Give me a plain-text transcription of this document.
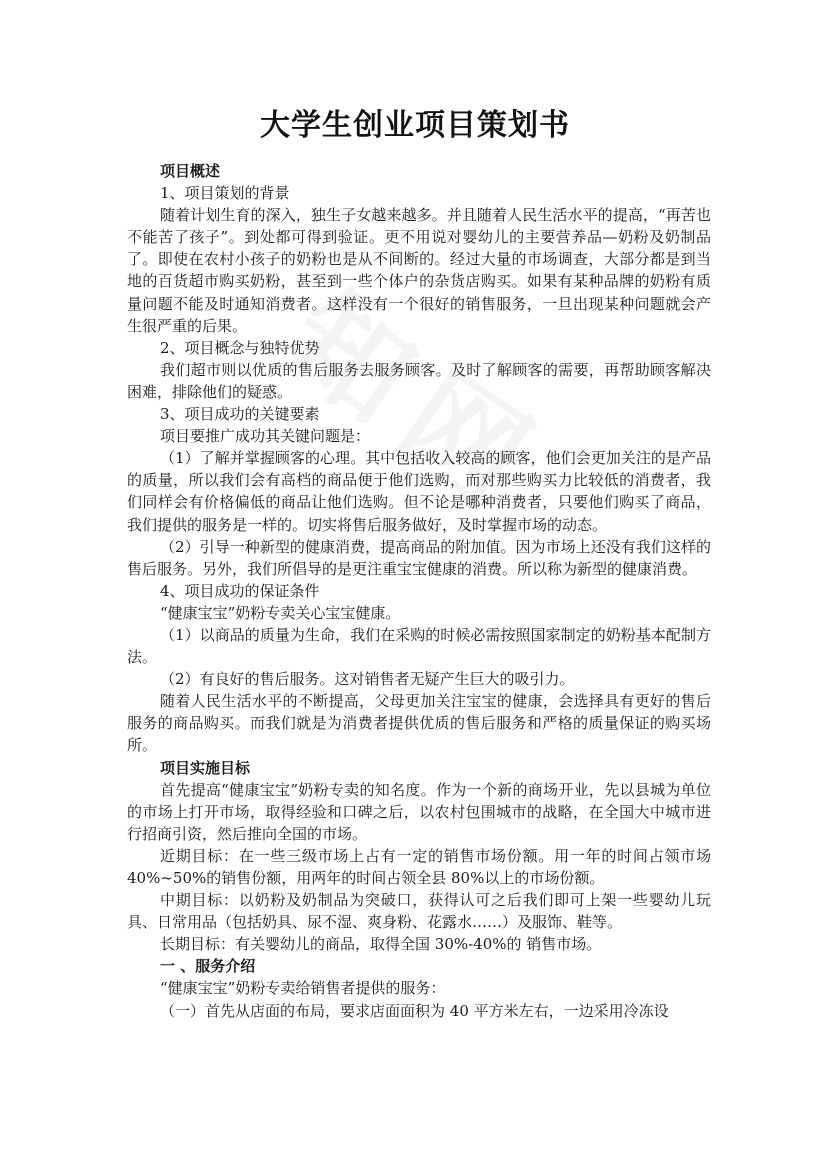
大学生创业项目策划书

项目概述

1、项目策划的背景

随着计划生育的深入，独生子女越来越多。并且随着人民生活水平的提高，“再苦也不能苦了孩子”。到处都可得到验证。更不用说对婴幼儿的主要营养品—奶粉及奶制品了。即使在农村小孩子的奶粉也是从不间断的。经过大量的市场调查，大部分都是到当地的百货超市购买奶粉，甚至到一些个体户的杂货店购买。如果有某种品牌的奶粉有质量问题不能及时通知消费者。这样没有一个很好的销售服务，一旦出现某种问题就会产生很严重的后果。

2、项目概念与独特优势

我们超市则以优质的售后服务去服务顾客。及时了解顾客的需要，再帮助顾客解决困难，排除他们的疑惑。

3、项目成功的关键要素

项目要推广成功其关键问题是：

（1）了解并掌握顾客的心理。其中包括收入较高的顾客，他们会更加关注的是产品的质量，所以我们会有高档的商品便于他们选购，而对那些购买力比较低的消费者，我们同样会有价格偏低的商品让他们选购。但不论是哪种消费者，只要他们购买了商品，我们提供的服务是一样的。切实将售后服务做好，及时掌握市场的动态。

（2）引导一种新型的健康消费，提高商品的附加值。因为市场上还没有我们这样的售后服务。另外，我们所倡导的是更注重宝宝健康的消费。所以称为新型的健康消费。

4、项目成功的保证条件

“健康宝宝”奶粉专卖关心宝宝健康。

（1）以商品的质量为生命，我们在采购的时候必需按照国家制定的奶粉基本配制方法。

（2）有良好的售后服务。这对销售者无疑产生巨大的吸引力。

随着人民生活水平的不断提高，父母更加关注宝宝的健康，会选择具有更好的售后服务的商品购买。而我们就是为消费者提供优质的售后服务和严格的质量保证的购买场所。

项目实施目标

首先提高“健康宝宝”奶粉专卖的知名度。作为一个新的商场开业，先以县城为单位的市场上打开市场，取得经验和口碑之后，以农村包围城市的战略，在全国大中城市进行招商引资，然后推向全国的市场。

近期目标：在一些三级市场上占有一定的销售市场份额。用一年的时间占领市场 40%~50%的销售份额，用两年的时间占领全县 80%以上的市场份额。

中期目标：以奶粉及奶制品为突破口，获得认可之后我们即可上架一些婴幼儿玩具、日常用品（包括奶具、尿不湿、爽身粉、花露水……）及服饰、鞋等。

长期目标：有关婴幼儿的商品，取得全国 30%-40%的 销售市场。

一 、服务介绍

“健康宝宝”奶粉专卖给销售者提供的服务：

（一）首先从店面的布局，要求店面面积为 40 平方米左右，一边采用冷冻设
